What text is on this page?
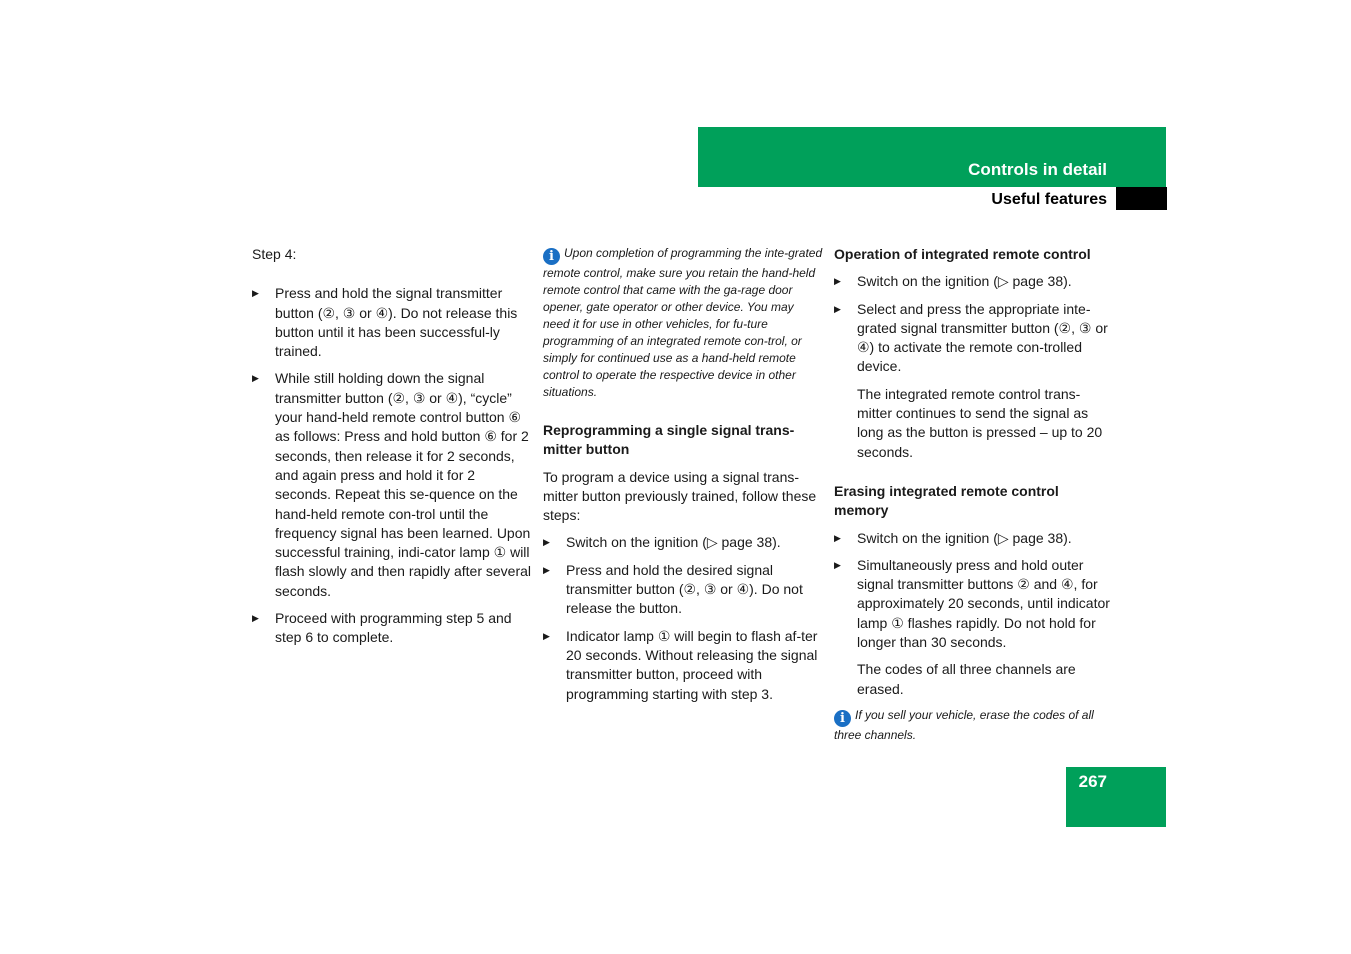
Controls in detail
Useful features

Step 4:

▶ Press and hold the signal transmitter button (②, ③ or ④). Do not release this button until it has been successful-ly trained.

▶ While still holding down the signal transmitter button (②, ③ or ④), “cycle” your hand-held remote control button ⑥ as follows: Press and hold button ⑥ for 2 seconds, then release it for 2 seconds, and again press and hold it for 2 seconds. Repeat this se-quence on the hand-held remote con-trol until the frequency signal has been learned. Upon successful training, indi-cator lamp ① will flash slowly and then rapidly after several seconds.

▶ Proceed with programming step 5 and step 6 to complete.

i Upon completion of programming the inte-grated remote control, make sure you retain the hand-held remote control that came with the ga-rage door opener, gate operator or other device. You may need it for use in other vehicles, for fu-ture programming of an integrated remote con-trol, or simply for continued use as a hand-held remote control to operate the respective device in other situations.

Reprogramming a single signal trans-mitter button

To program a device using a signal trans-mitter button previously trained, follow these steps:

▶ Switch on the ignition (▷ page 38).

▶ Press and hold the desired signal transmitter button (②, ③ or ④). Do not release the button.

▶ Indicator lamp ① will begin to flash af-ter 20 seconds. Without releasing the signal transmitter button, proceed with programming starting with step 3.

Operation of integrated remote control

▶ Switch on the ignition (▷ page 38).

▶ Select and press the appropriate inte-grated signal transmitter button (②, ③ or ④) to activate the remote con-trolled device.

The integrated remote control trans-mitter continues to send the signal as long as the button is pressed – up to 20 seconds.

Erasing integrated remote control memory

▶ Switch on the ignition (▷ page 38).

▶ Simultaneously press and hold outer signal transmitter buttons ② and ④, for approximately 20 seconds, until indicator lamp ① flashes rapidly. Do not hold for longer than 30 seconds.

The codes of all three channels are erased.

i If you sell your vehicle, erase the codes of all three channels.

267
